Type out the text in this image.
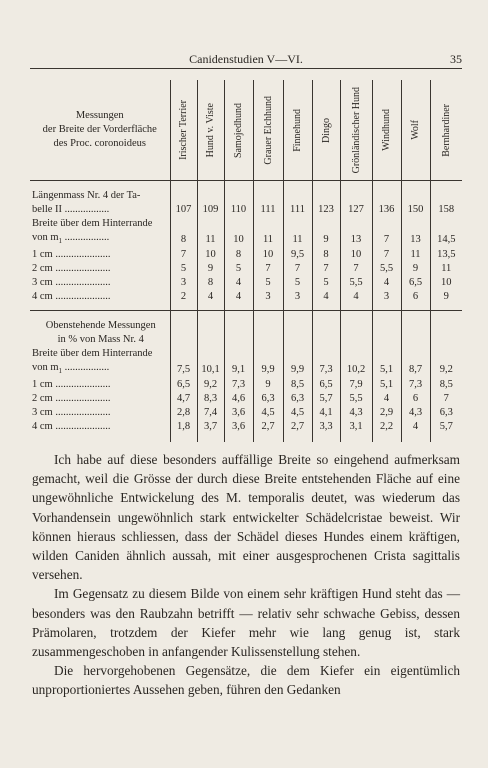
Canidenstudien V—VI.	35
Messungen
der Breite der Vorderfläche
des Proc. coronoideus	Irischer Terrier	Hund v. Viste	Samojedhund	Grauer Elchhund	Finnehund	Dingo	Grönländischer Hund	Windhund	Wolf	Bernhardiner

Längenmass Nr. 4 der Ta-										
belle II .................	107	109	110	111	111	123	127	136	150	158
Breite über dem Hinterrande										
von $m_1$ .................	8	11	10	11	11	9	13	7	13	14,5
1 cm .....................	7	10	8	10	9,5	8	10	7	11	13,5
2 cm .....................	5	9	5	7	7	7	7	5,5	9	11
3 cm .....................	3	8	4	5	5	5	5,5	4	6,5	10
4 cm .....................	2	4	4	3	3	4	4	3	6	9

Obenstehende Messungen										
in % von Mass Nr. 4										
Breite über dem Hinterrande										
von $m_1$ .................	7,5	10,1	9,1	9,9	9,9	7,3	10,2	5,1	8,7	9,2
1 cm .....................	6,5	9,2	7,3	9	8,5	6,5	7,9	5,1	7,3	8,5
2 cm .....................	4,7	8,3	4,6	6,3	6,3	5,7	5,5	4	6	7
3 cm .....................	2,8	7,4	3,6	4,5	4,5	4,1	4,3	2,9	4,3	6,3
4 cm .....................	1,8	3,7	3,6	2,7	2,7	3,3	3,1	2,2	4	5,7

Ich habe auf diese besonders auffällige Breite so eingehend aufmerksam gemacht, weil die Grösse der durch diese Breite entstehenden Fläche auf eine ungewöhnliche Entwickelung des M. temporalis deutet, was wiederum das Vorhandensein ungewöhnlich stark entwickelter Schädelcristae beweist. Wir können hieraus schliessen, dass der Schädel dieses Hundes einem kräftigen, wilden Caniden ähnlich aussah, mit einer ausgesprochenen Crista sagittalis versehen.

Im Gegensatz zu diesem Bilde von einem sehr kräftigen Hund steht das — besonders was den Raubzahn betrifft — relativ sehr schwache Gebiss, dessen Prämolaren, trotzdem der Kiefer mehr wie lang genug ist, stark zusammengeschoben in anfangender Kulissenstellung stehen.

Die hervorgehobenen Gegensätze, die dem Kiefer ein eigentümlich unproportioniertes Aussehen geben, führen den Gedanken
